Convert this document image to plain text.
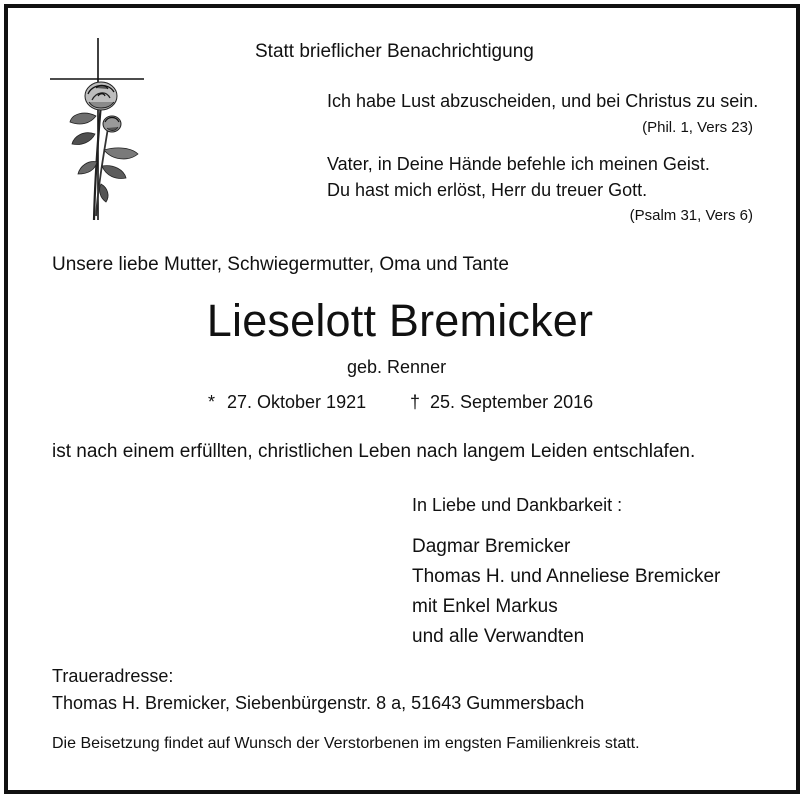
Statt brieflicher Benachrichtigung
Ich habe Lust abzuscheiden, und bei Christus zu sein.
(Phil. 1, Vers 23)
Vater, in Deine Hände befehle ich meinen Geist.
Du hast mich erlöst, Herr du treuer Gott.
(Psalm 31, Vers 6)
Unsere liebe Mutter, Schwiegermutter, Oma und Tante
Lieselott Bremicker
geb. Renner
* 27. Oktober 1921 † 25. September 2016
ist nach einem erfüllten, christlichen Leben nach langem Leiden entschlafen.
In Liebe und Dankbarkeit :
Dagmar Bremicker
Thomas H. und Anneliese Bremicker
mit Enkel Markus
und alle Verwandten
Traueradresse:
Thomas H. Bremicker, Siebenbürgenstr. 8 a, 51643 Gummersbach
Die Beisetzung findet auf Wunsch der Verstorbenen im engsten Familienkreis statt.
